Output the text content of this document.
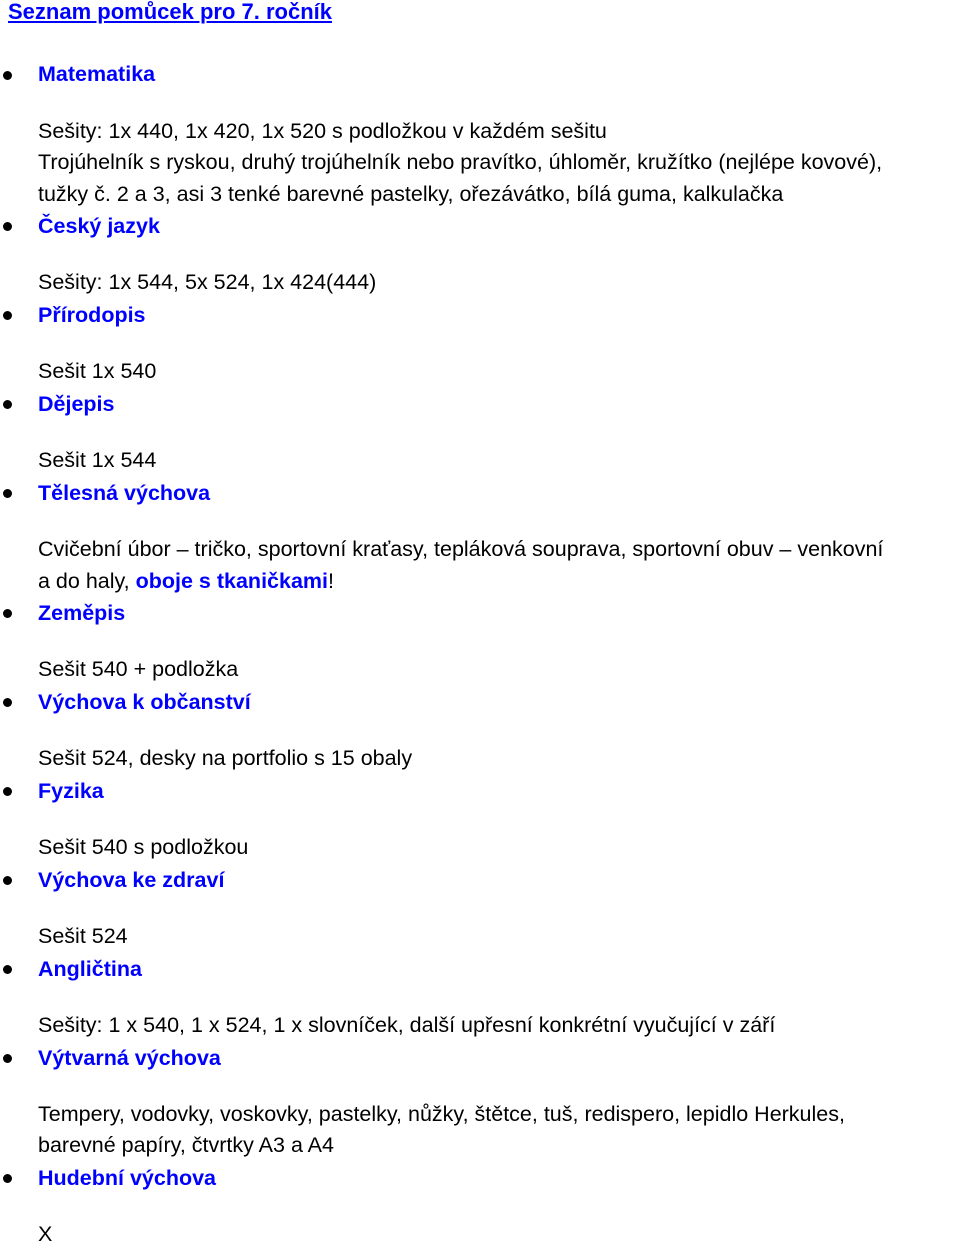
Seznam pomůcek pro 7. ročník
Matematika
Sešity: 1x 440, 1x 420, 1x 520 s podložkou v každém sešitu
Trojúhelník s ryskou, druhý trojúhelník nebo pravítko, úhloměr, kružítko (nejlépe kovové),
tužky č. 2 a 3, asi 3 tenké barevné pastelky, ořezávátko, bílá guma, kalkulačka
Český jazyk
Sešity: 1x 544, 5x 524, 1x 424(444)
Přírodopis
Sešit 1x 540
Dějepis
Sešit 1x 544
Tělesná výchova
Cvičební úbor – tričko, sportovní kraťasy, tepláková souprava, sportovní obuv – venkovní
a do haly, oboje s tkaničkami!
Zeměpis
Sešit 540 + podložka
Výchova k občanství
Sešit 524, desky na portfolio s 15 obaly
Fyzika
Sešit 540 s podložkou
Výchova ke zdraví
Sešit 524
Angličtina
Sešity: 1 x 540, 1 x 524, 1 x slovníček, další upřesní konkrétní vyučující v září
Výtvarná výchova
Tempery, vodovky, voskovky, pastelky, nůžky, štětce, tuš, redispero, lepidlo Herkules,
barevné papíry, čtvrtky A3 a A4
Hudební výchova
X
